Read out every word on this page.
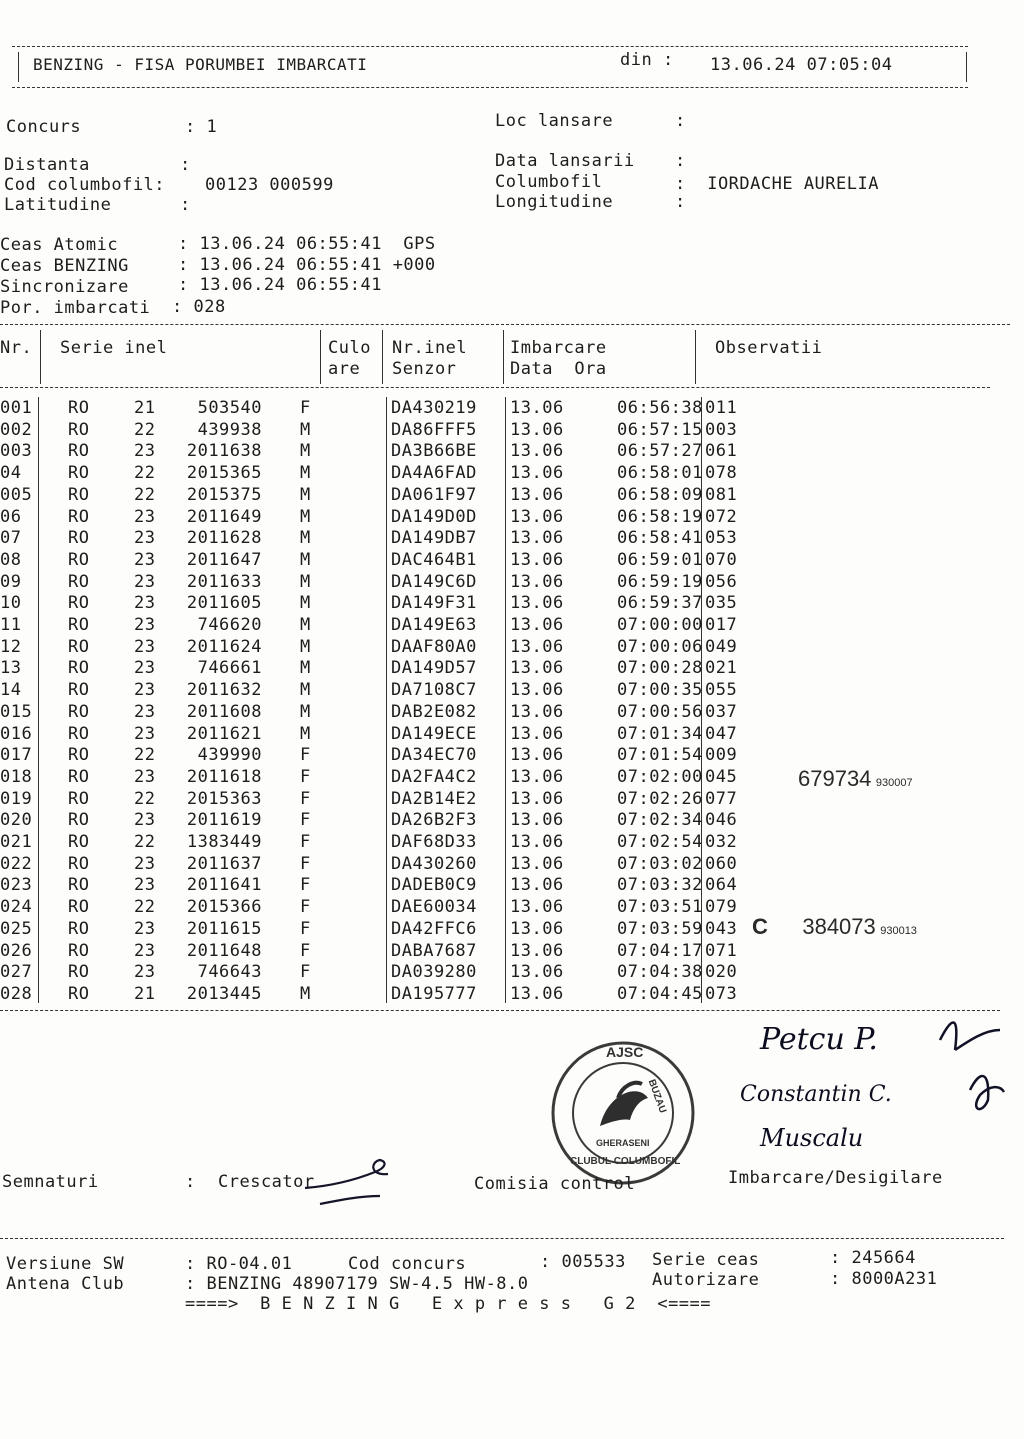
BENZING - FISA PORUMBEI IMBARCATI	din : 13.06.24 07:05:04
Concurs	: 1	Loc lansare	:
Distanta	:	Data lansarii :
Cod columbofil: 00123 000599	Columbofil	:  IORDACHE AURELIA
Latitudine	:	Longitudine	:
Ceas Atomic	: 13.06.24 06:55:41  GPS
Ceas BENZING	: 13.06.24 06:55:41 +000
Sincronizare	: 13.06.24 06:55:41
Por. imbarcati : 028
Nr. Serie inel	Culo
are
Nr.inel
Senzor
Imbarcare
Data  Ora
Observatii
001 RO	21	503540 F	DA430219 13.06	06:56:38 011
002 RO	22	439938 M	DA86FFF5 13.06	06:57:15 003
003 RO	23	2011638 M	DA3B66BE 13.06	06:57:27 061
04	RO	22	2015365 M	DA4A6FAD 13.06	06:58:01 078
005 RO	22	2015375 M	DA061F97 13.06	06:58:09 081
06	RO	23	2011649 M	DA149D0D 13.06	06:58:19 072
07	RO	23	2011628 M	DA149DB7 13.06	06:58:41 053
08	RO	23	2011647 M	DAC464B1 13.06	06:59:01 070
09	RO	23	2011633 M	DA149C6D 13.06	06:59:19 056
10	RO	23	2011605 M	DA149F31 13.06	06:59:37 035
11	RO	23	746620 M	DA149E63 13.06	07:00:00 017
12	RO	23	2011624 M	DAAF80A0 13.06	07:00:06 049
13	RO	23	746661 M	DA149D57 13.06	07:00:28 021
14	RO	23	2011632 M	DA7108C7 13.06	07:00:35 055
015 RO	23	2011608 M	DAB2E082 13.06	07:00:56 037
016 RO	23	2011621 M	DA149ECE 13.06	07:01:34 047
017 RO	22	439990 F	DA34EC70 13.06	07:01:54 009
018 RO	23	2011618 F	DA2FA4C2 13.06	07:02:00 045
019 RO	22	2015363 F	DA2B14E2 13.06	07:02:26 077
020 RO	23	2011619 F	DA26B2F3 13.06	07:02:34 046
021 RO	22	1383449 F	DAF68D33 13.06	07:02:54 032
022 RO	23	2011637 F	DA430260 13.06	07:03:02 060
023 RO	23	2011641 F	DADEB0C9 13.06	07:03:32 064
024 RO	22	2015366 F	DAE60034 13.06	07:03:51 079
025 RO	23	2011615 F	DA42FFC6 13.06	07:03:59 043
026 RO	23	2011648 F	DABA7687 13.06	07:04:17 071
027 RO	23	746643 F	DA039280 13.06	07:04:38 020
028 RO	21	2013445 M	DA195777 13.06	07:04:45 073
679734 930007
C 384073 930013
AJSC
CLUBUL COLUMBOFIL
GHERASENI
BUZAU
Petcu P.
Constantin C.
Muscalu
Semnaturi	: Crescator	Comisia control	Imbarcare/Desigilare
Versiune SW	: RO-04.01	Cod concurs	: 005533 Serie ceas	: 245664
Antena Club	: BENZING 48907179 SW-4.5 HW-8.0	Autorizare	: 8000A231
====>  B E N Z I N G   E x p r e s s   G 2  <====
